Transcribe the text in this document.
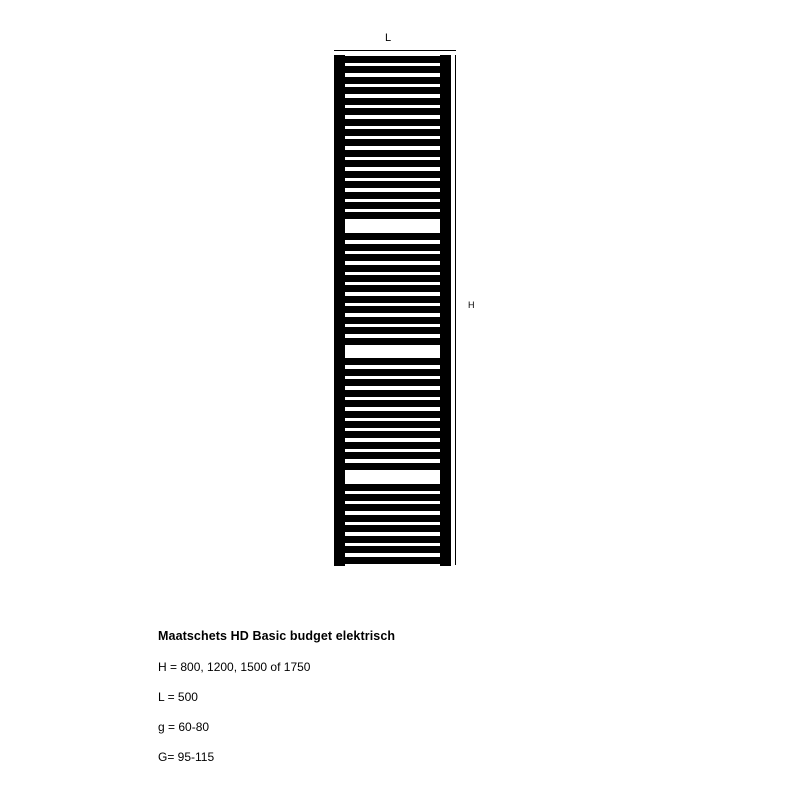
L
H

Maatschets HD Basic budget elektrisch

H = 800, 1200, 1500 of 1750

L = 500

g = 60-80

G= 95-115
